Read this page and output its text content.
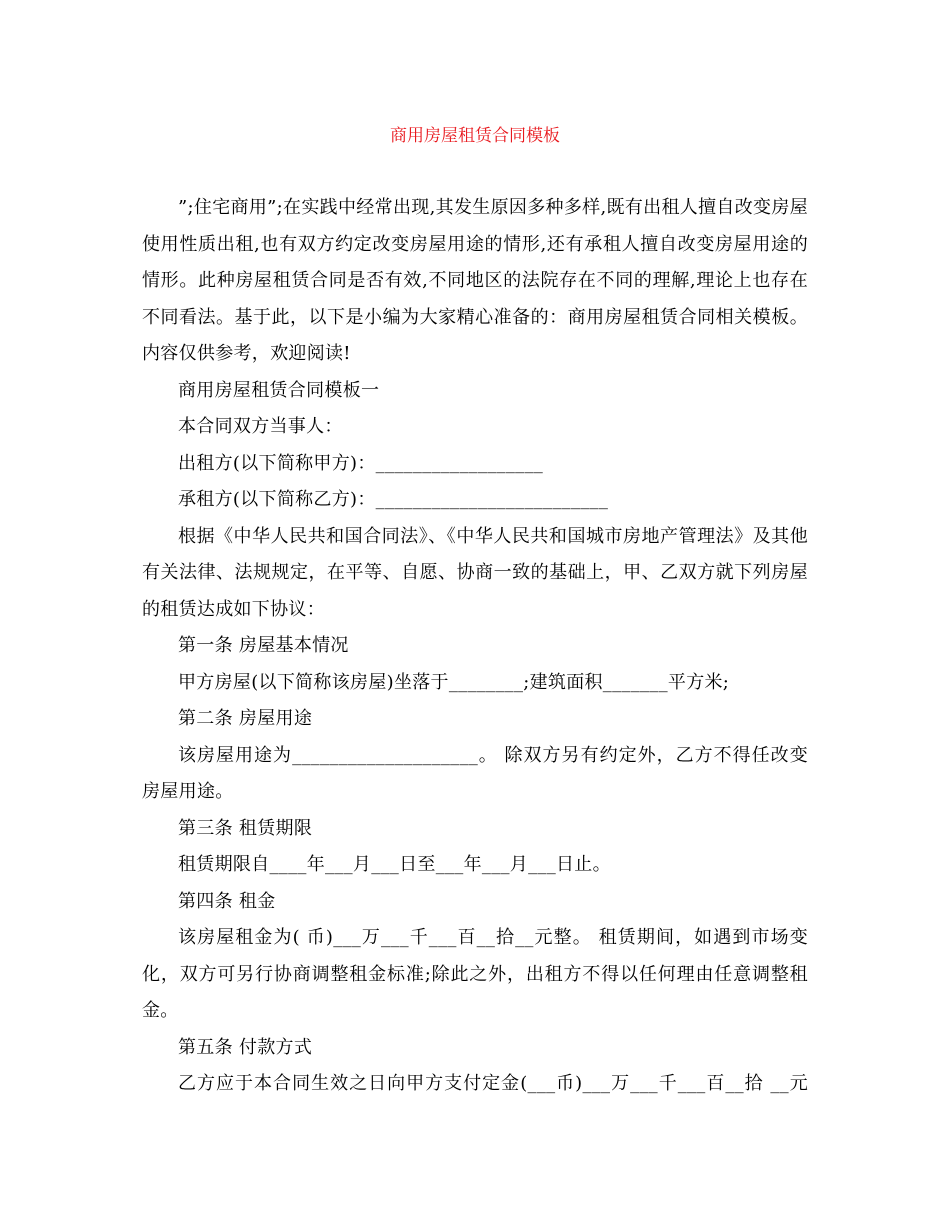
商用房屋租赁合同模板

”;住宅商用”;在实践中经常出现,其发生原因多种多样,既有出租人擅自改变房屋使用性质出租,也有双方约定改变房屋用途的情形,还有承租人擅自改变房屋用途的情形。此种房屋租赁合同是否有效,不同地区的法院存在不同的理解,理论上也存在不同看法。基于此，以下是小编为大家精心准备的：商用房屋租赁合同相关模板。内容仅供参考，欢迎阅读!

商用房屋租赁合同模板一

本合同双方当事人：

出租方(以下简称甲方)：__________________

承租方(以下简称乙方)：_________________________

根据《中华人民共和国合同法》、《中华人民共和国城市房地产管理法》及其他有关法律、法规规定，在平等、自愿、协商一致的基础上，甲、乙双方就下列房屋的租赁达成如下协议：

第一条 房屋基本情况

甲方房屋(以下简称该房屋)坐落于________;建筑面积_______平方米;

第二条 房屋用途

该房屋用途为____________________。 除双方另有约定外，乙方不得任改变房屋用途。

第三条 租赁期限

租赁期限自____年___月___日至___年___月___日止。

第四条 租金

该房屋租金为( 币)___万___千___百__拾__元整。 租赁期间，如遇到市场变化，双方可另行协商调整租金标准;除此之外，出租方不得以任何理由任意调整租金。

第五条 付款方式

乙方应于本合同生效之日向甲方支付定金(___币)___万___千___百__拾 __元
